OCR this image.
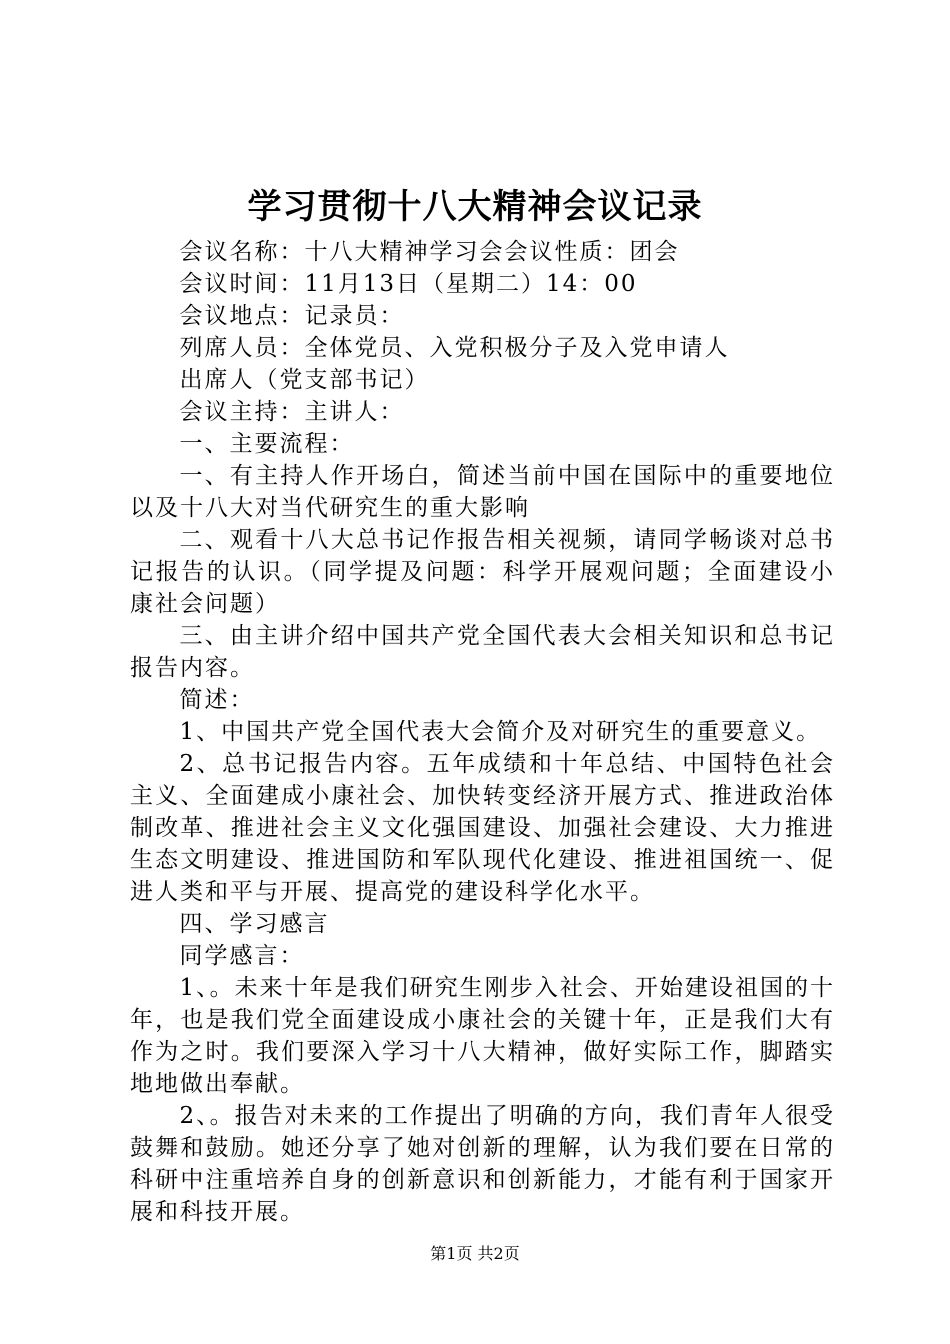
学习贯彻十八大精神会议记录

会议名称：十八大精神学习会会议性质：团会

会议时间：11月13日（星期二）14：00

会议地点：记录员：

列席人员：全体党员、入党积极分子及入党申请人

出席人（党支部书记）

会议主持：主讲人：

一、主要流程：

一、有主持人作开场白，简述当前中国在国际中的重要地位以及十八大对当代研究生的重大影响

二、观看十八大总书记作报告相关视频，请同学畅谈对总书记报告的认识。（同学提及问题：科学开展观问题；全面建设小康社会问题）

三、由主讲介绍中国共产党全国代表大会相关知识和总书记报告内容。

简述：

1、中国共产党全国代表大会简介及对研究生的重要意义。

2、总书记报告内容。五年成绩和十年总结、中国特色社会主义、全面建成小康社会、加快转变经济开展方式、推进政治体制改革、推进社会主义文化强国建设、加强社会建设、大力推进生态文明建设、推进国防和军队现代化建设、推进祖国统一、促进人类和平与开展、提高党的建设科学化水平。

四、学习感言

同学感言：

1、。未来十年是我们研究生刚步入社会、开始建设祖国的十年，也是我们党全面建设成小康社会的关键十年，正是我们大有作为之时。我们要深入学习十八大精神，做好实际工作，脚踏实地地做出奉献。

2、。报告对未来的工作提出了明确的方向，我们青年人很受鼓舞和鼓励。她还分享了她对创新的理解，认为我们要在日常的科研中注重培养自身的创新意识和创新能力，才能有利于国家开展和科技开展。

第1页 共2页
